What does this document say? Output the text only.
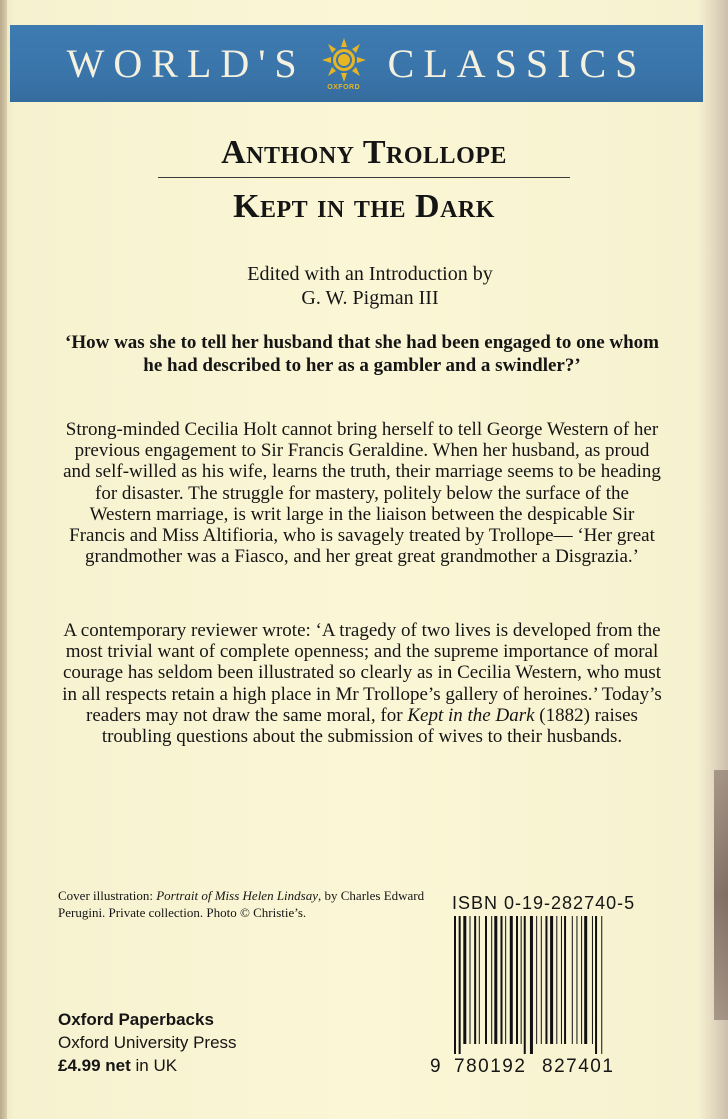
WORLD'S
OXFORD
CLASSICS
Anthony Trollope
Kept in the Dark
Edited with an Introduction by
G. W. Pigman III
‘How was she to tell her husband that she had been engaged to one whom he had described to her as a gambler and a swindler?’
Strong-minded Cecilia Holt cannot bring herself to tell George Western of her previous engagement to Sir Francis Geraldine. When her husband, as proud and self-willed as his wife, learns the truth, their marriage seems to be heading for disaster. The struggle for mastery, politely below the surface of the Western marriage, is writ large in the liaison between the despicable Sir Francis and Miss Altifioria, who is savagely treated by Trollope— ‘Her great grandmother was a Fiasco, and her great great grandmother a Disgrazia.’
A contemporary reviewer wrote: ‘A tragedy of two lives is developed from the most trivial want of complete openness; and the supreme importance of moral courage has seldom been illustrated so clearly as in Cecilia Western, who must in all respects retain a high place in Mr Trollope’s gallery of heroines.’ Today’s readers may not draw the same moral, for Kept in the Dark (1882) raises troubling questions about the submission of wives to their husbands.
Cover illustration: Portrait of Miss Helen Lindsay, by Charles Edward Perugini. Private collection. Photo © Christie’s.
Oxford Paperbacks
Oxford University Press
£4.99 net in UK
ISBN 0-19-282740-5
9 780192 827401
